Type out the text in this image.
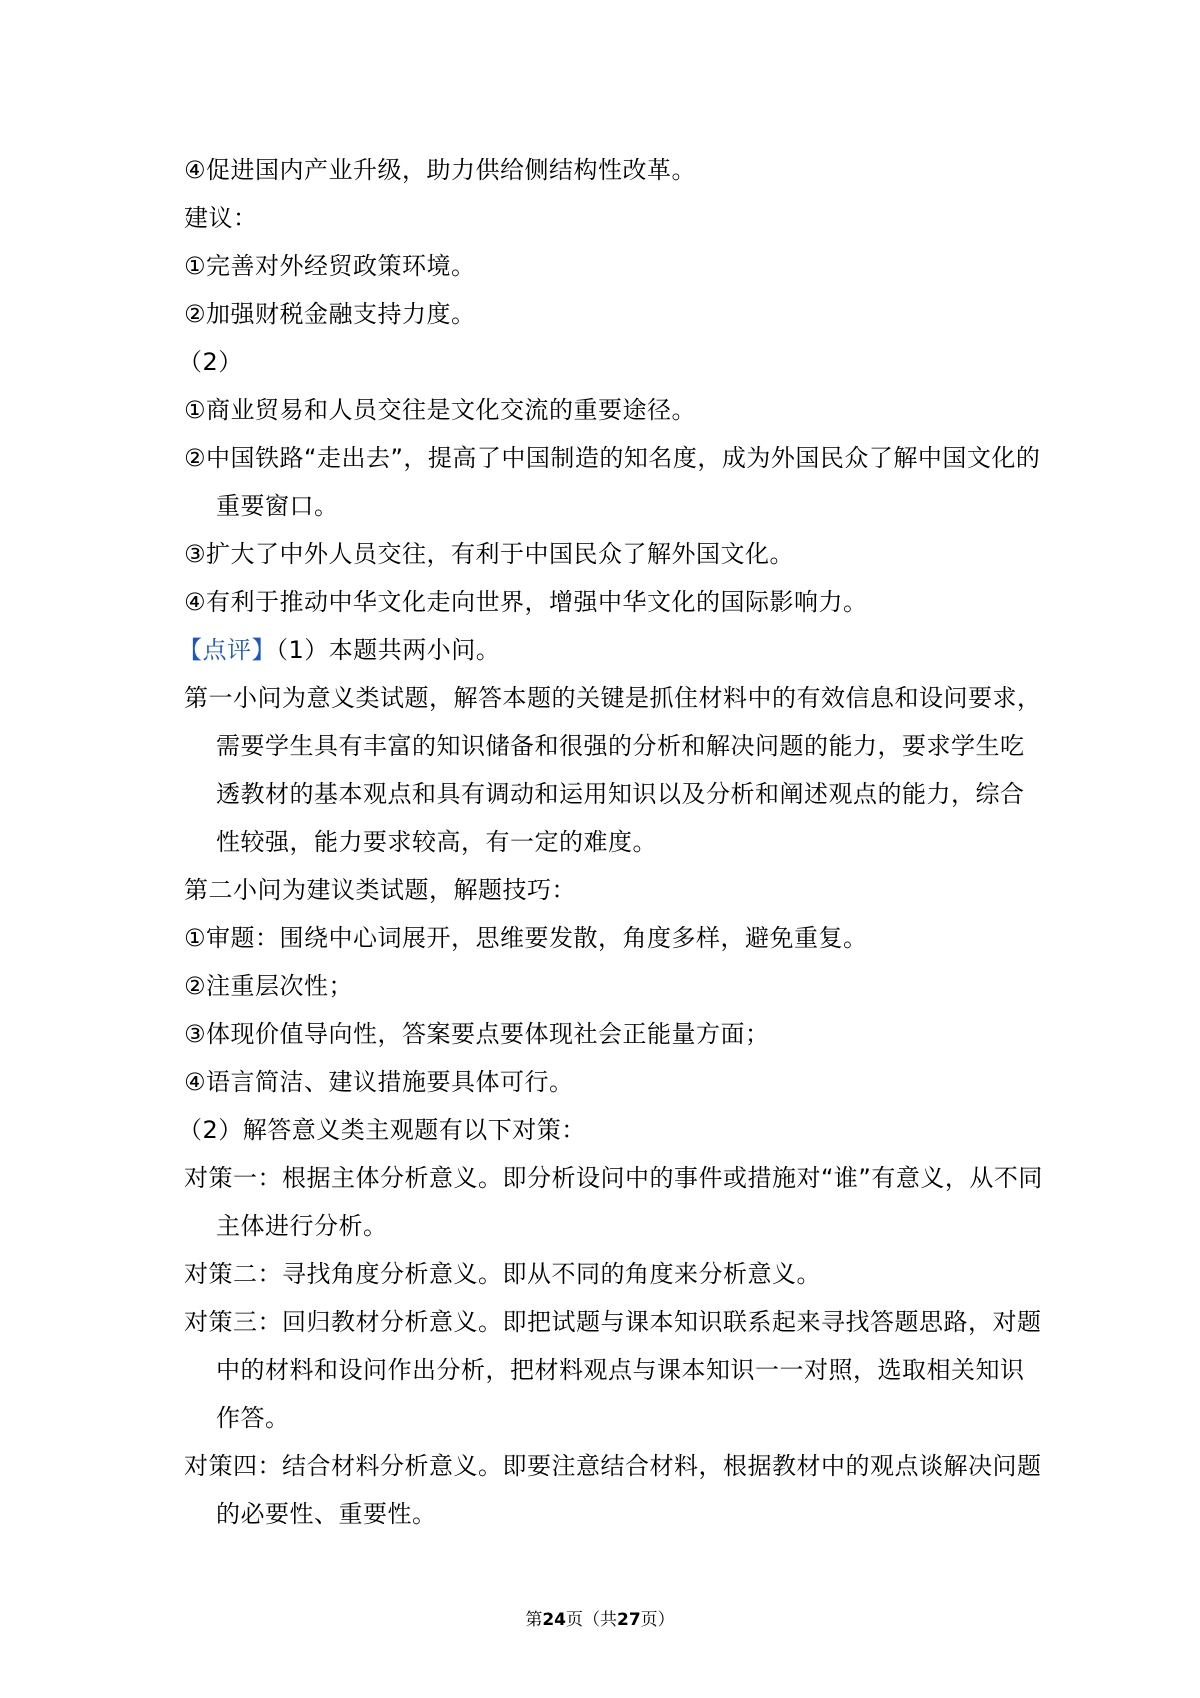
④促进国内产业升级，助力供给侧结构性改革。
建议：
①完善对外经贸政策环境。
②加强财税金融支持力度。
（2）
①商业贸易和人员交往是文化交流的重要途径。
②中国铁路“走出去”，提高了中国制造的知名度，成为外国民众了解中国文化的
重要窗口。
③扩大了中外人员交往，有利于中国民众了解外国文化。
④有利于推动中华文化走向世界，增强中华文化的国际影响力。
【点评】（1）本题共两小问。
第一小问为意义类试题，解答本题的关键是抓住材料中的有效信息和设问要求，
需要学生具有丰富的知识储备和很强的分析和解决问题的能力，要求学生吃
透教材的基本观点和具有调动和运用知识以及分析和阐述观点的能力，综合
性较强，能力要求较高，有一定的难度。
第二小问为建议类试题，解题技巧：
①审题：围绕中心词展开，思维要发散，角度多样，避免重复。
②注重层次性；
③体现价值导向性，答案要点要体现社会正能量方面；
④语言简洁、建议措施要具体可行。
（2）解答意义类主观题有以下对策：
对策一：根据主体分析意义。即分析设问中的事件或措施对“谁”有意义，从不同
主体进行分析。
对策二：寻找角度分析意义。即从不同的角度来分析意义。
对策三：回归教材分析意义。即把试题与课本知识联系起来寻找答题思路，对题
中的材料和设问作出分析，把材料观点与课本知识一一对照，选取相关知识
作答。
对策四：结合材料分析意义。即要注意结合材料，根据教材中的观点谈解决问题
的必要性、重要性。
第24页（共27页）
